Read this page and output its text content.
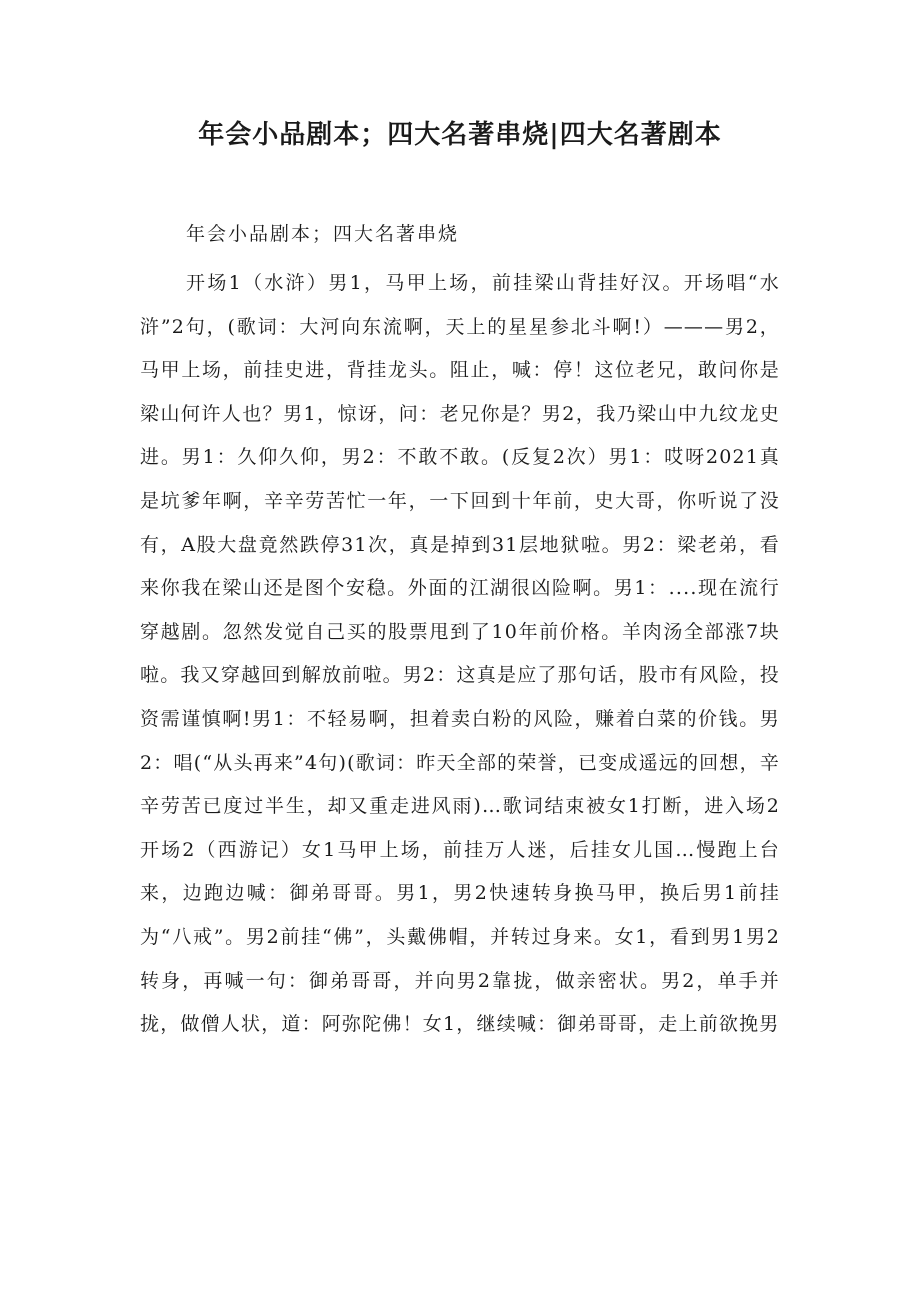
年会小品剧本；四大名著串烧|四大名著剧本
年会小品剧本；四大名著串烧

开场1（水浒）男1，马甲上场，前挂梁山背挂好汉。开场唱“水浒”2句，(歌词：大河向东流啊，天上的星星参北斗啊!）———男2，马甲上场，前挂史进，背挂龙头。阻止，喊：停！这位老兄，敢问你是梁山何许人也？男1，惊讶，问：老兄你是？男2，我乃梁山中九纹龙史进。男1：久仰久仰，男2：不敢不敢。(反复2次）男1：哎呀2021真是坑爹年啊，辛辛劳苦忙一年，一下回到十年前，史大哥，你听说了没有，A股大盘竟然跌停31次，真是掉到31层地狱啦。男2：梁老弟，看来你我在梁山还是图个安稳。外面的江湖很凶险啊。男1：....现在流行穿越剧。忽然发觉自己买的股票甩到了10年前价格。羊肉汤全部涨7块啦。我又穿越回到解放前啦。男2：这真是应了那句话，股市有风险，投资需谨慎啊!男1：不轻易啊，担着卖白粉的风险，赚着白菜的价钱。男2：唱(“从头再来”4句)(歌词：昨天全部的荣誉，已变成遥远的回想，辛辛劳苦已度过半生，却又重走进风雨)…歌词结束被女1打断，进入场2开场2（西游记）女1马甲上场，前挂万人迷，后挂女儿国…慢跑上台来，边跑边喊：御弟哥哥。男1，男2快速转身换马甲，换后男1前挂为“八戒”。男2前挂“佛”，头戴佛帽，并转过身来。女1，看到男1男2转身，再喊一句：御弟哥哥，并向男2靠拢，做亲密状。男2，单手并拢，做僧人状，道：阿弥陀佛！女1，继续喊：御弟哥哥，走上前欲挽男
